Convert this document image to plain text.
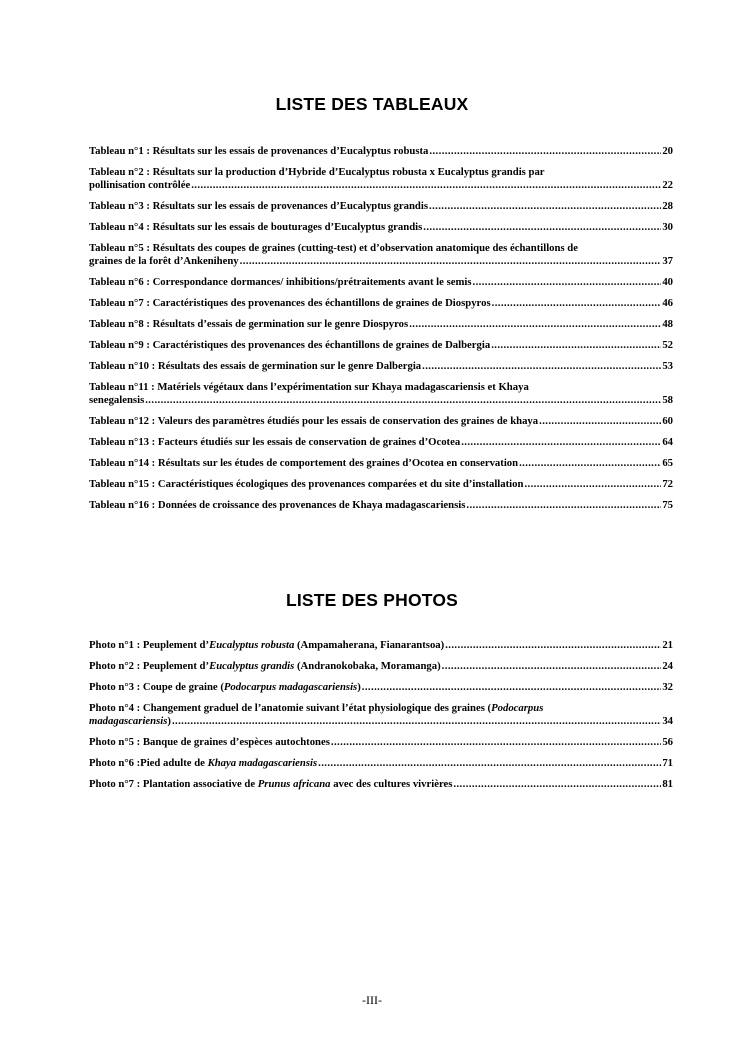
LISTE DES TABLEAUX
Tableau n°1 : Résultats sur les essais de provenances d’Eucalyptus robusta .....	20
Tableau n°2 : Résultats sur la production d’Hybride d’Eucalyptus robusta x Eucalyptus grandis par
pollinisation contrôlée .....	22
Tableau n°3 : Résultats sur les essais de provenances d’Eucalyptus grandis .....	28
Tableau n°4 : Résultats sur les essais de bouturages d’Eucalyptus grandis .....	30
Tableau n°5 : Résultats des coupes de graines (cutting-test) et d’observation anatomique des échantillons de
graines de la forêt d’Ankeniheny .....	37
Tableau n°6 : Correspondance dormances/ inhibitions/prétraitements avant le semis .....	40
Tableau n°7 : Caractéristiques des provenances des échantillons de graines de Diospyros .....	46
Tableau n°8 : Résultats d’essais de germination sur le genre Diospyros .....	48
Tableau n°9 : Caractéristiques des provenances des échantillons de graines de Dalbergia .....	52
Tableau n°10 : Résultats des essais de germination sur le genre Dalbergia .....	53
Tableau n°11 : Matériels végétaux dans l’expérimentation sur Khaya madagascariensis et Khaya
senegalensis .....	58
Tableau n°12 : Valeurs des paramètres étudiés pour les essais de conservation des graines de khaya .....	60
Tableau n°13 : Facteurs étudiés sur les essais de conservation de graines d’Ocotea .....	64
Tableau n°14 : Résultats sur les études de comportement des graines d’Ocotea en conservation .....	65
Tableau n°15 : Caractéristiques écologiques des provenances comparées et du site d’installation .....	72
Tableau n°16 : Données de croissance des provenances de Khaya madagascariensis .....	75
LISTE DES PHOTOS
Photo n°1 : Peuplement d’Eucalyptus robusta (Ampamaherana, Fianarantsoa) .....	21
Photo n°2 : Peuplement d’Eucalyptus grandis (Andranokobaka, Moramanga) .....	24
Photo n°3 : Coupe de graine (Podocarpus madagascariensis) .....	32
Photo n°4 : Changement graduel de l’anatomie suivant l’état physiologique des graines (Podocarpus
madagascariensis) .....	34
Photo n°5 : Banque de graines d’espèces autochtones .....	56
Photo n°6 :Pied adulte de Khaya madagascariensis .....	71
Photo n°7 : Plantation associative de Prunus africana avec des cultures vivrières .....	81
-III-
